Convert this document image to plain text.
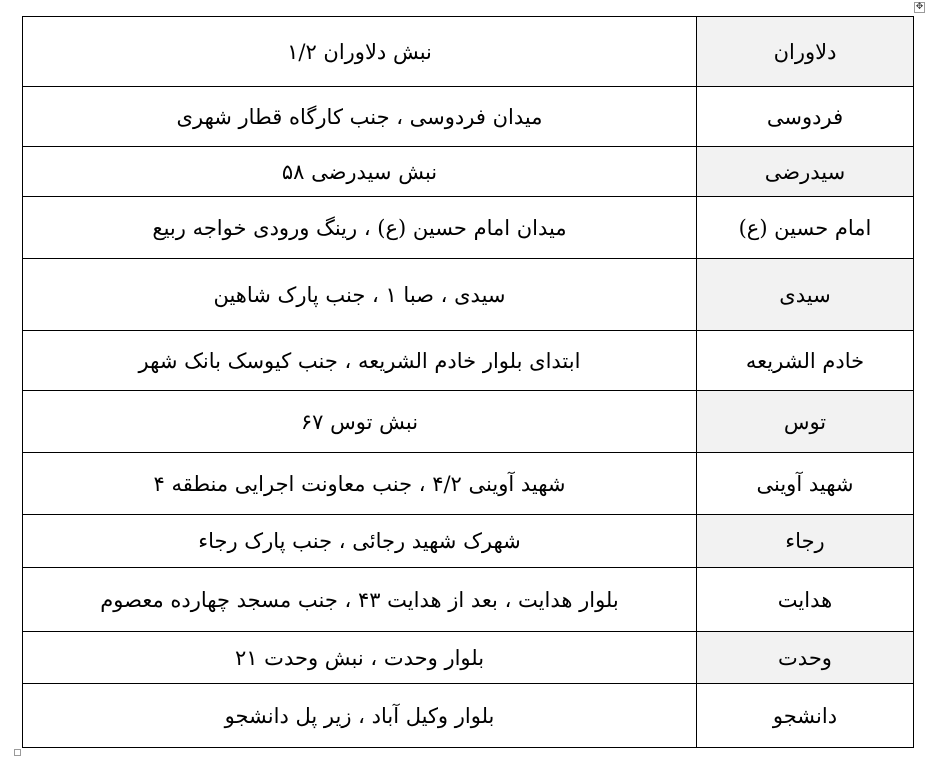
✥
دلاوران	نبش دلاوران ۱/۲
فردوسی	میدان فردوسی ، جنب کارگاه قطار شهری
سیدرضی	نبش سیدرضی ۵۸
امام حسین (ع)	میدان امام حسین (ع) ، رینگ ورودی خواجه ربیع
سیدی	سیدی ، صبا ۱ ، جنب پارک شاهین
خادم الشریعه	ابتدای بلوار خادم الشریعه ، جنب کیوسک بانک شهر
توس	نبش توس ۶۷
شهید آوینی	شهید آوینی ۴/۲ ، جنب معاونت اجرایی منطقه ۴
رجاء	شهرک شهید رجائی ، جنب پارک رجاء
هدایت	بلوار هدایت ، بعد از هدایت ۴۳ ، جنب مسجد چهارده معصوم
وحدت	بلوار وحدت ، نبش وحدت ۲۱
دانشجو	بلوار وکیل آباد ، زیر پل دانشجو
